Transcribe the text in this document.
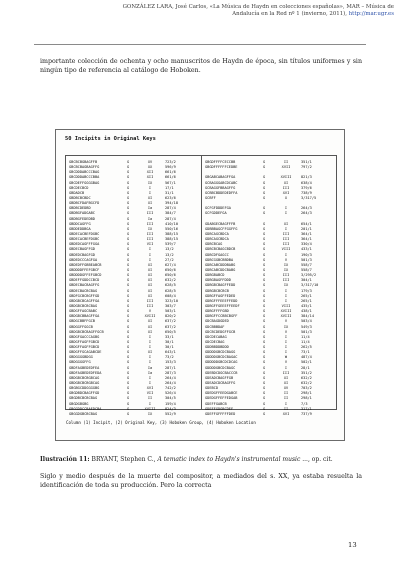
GONZÁLEZ LARA, José Carlos, «La Música de Haydn en colecciones españolas», MAR – Música de
Andalucía en la Red nº 1 (invierno, 2011), http://mar.ugr.es

importante colección de ochenta y ocho manuscritos de Haydn de época, sin títulos uniformes y sin ningún tipo de referencia al catálogo de Hoboken.

50 Incipits in Original Keys
GBCBCBGBAGFFB	G	XV	723/2
GBCBCBAGBAGFFG	G	XX	596/9
GBCDDDABCCCBAG	G	XII	661/6
GBCDDDABCCCBBA	G	XII	661/6
GBCDEFFGGGGBAG	G	IX	567/1
GBCDECBCD	G	I	17/1
GBDADCB	G	I	31/1
GBDBCBCBDC	G	XI	623/6
GBDBCFDAFBGCFD	G	XI	394/18
GBDBCDEDBD	G	Ia	287/4
GBDBGFADGABC	G	III	384/7
GBDBGFEDEDBD	G	Ia	287/4
GBDDCAGFFG	G	III	410/10
GBDDEDDBGA	G	IX	550/16
GBDECACBEFDGBC	G	III	388/15
GBDECACBEFDGBC	G	III	388/15
GBDEDCAGFFFGGA	G	VII	539/7
GBDECBAGFFGD	G	I	13/2
GBDEDCBAGFGD	G	I	13/2
GBDEDCCCAGFGA	G	I	27/2
GBDEDFFGBBEABCB	G	XI	627/4
GBDDDDFFEFGBCF	G	XI	650/6
GBDDDDGFFEFGBCD	G	XI	650/6
GBDEFFGDDCCBCD	G	XI	632/2
GBDECBACBAGFFG	G	XI	628/5
GBDECBACBCBAG	G	XI	628/5
GBDFGCBCBGFFGD	G	XI	608/4
GBDGBCBCAGFFGA	G	III	323/10
GBDGBCBCBCBAG	G	III	303/7
GBDGFFAGCBABC	G	V	503/1
GBDGBCBBAGFFGA	G	XVIII	820/2
GBDGCBBFFGCB	G	XI	637/2
GBDGGFFGGCB	G	XI	637/2
GBDGBCBCBAGFFGCB	G	XI	650/5
GBDGFGACCCAGBG	G	I	33/1
GBDGFFAGFFGBCD	G	I	30/1
GBDGFFAGFFGBCD	G	I	30/1
GBDGFFGCAGABCDE	G	XI	643/1
GBDGGGGBDGG	G	I	73/2
GBDGGGGFFG	G	I	153/3
GBDFAGBEDEDFEA	G	Ia	287/1
GBDFAGBEDEDFEDA	G	Ia	287/3
GBDGBCBCBGBCAG	G	I	264/4
GBDGBCBCBGBCAG	G	I	264/4
GBGBGCDDGGGGBG	G	XVI	742/2
GBGDBDCBAGFFGD	G	VII	526/4
GBGDBCBCBCBAG	G	II	304/5
GBGDGBGBG	G	I	159/4
GBGGDDCCBAEDCBA	G	XVIII	824/3
GBGGDGBCBCBAG	G	IX	552/9
GBGDFFFFCECCBB	G	II	351/1
GBGDFFFFFFCEDBE	G	XVII	797/2
GBGABCABAGFFGA	G	XVIII	821/3
GCBAGGGABCDCABC	G	XI	638/4
GCBAGGFBBAGFFG	G	III	379/6
GCBBCBDDEDEDFFA	G	XVI	738/9
GCBFF	G	X	3/317/5
GCFGFDDDEFGA	G	I	264/3
GCFGDDEFGA	G	I	264/3
GDABGECBAGFFFB	G	XI	654/1
GDBBBAGCFFGGFFG	G	I	201/1
GDBCAGCBDCA	G	III	364/1
GDBCAGCBDCA	G	III	364/1
GDBCBCAG	G	III	330/4
GDBCBCBAGCBDCB	G	VIII	433/1
GDBCDFGAGCC	G	I	190/3
GDBCGGBCBBDBA	G	V	501/3
GDBCABCDDDBABG	G	IX	558/7
GDBCABCDDCBABG	G	IX	558/7
GDBGBABCD	G	III	3/295/2
GDBGBAGFFDDD	G	III	304/1
GDBGBCBAGFFEDD	G	IX	3/317/10
GDBGBCBCBCB	G	I	179/3
GDBGFFAGFFEDED	G	I	265/1
GDBGFFFEEEFFEDD	G	I	265/1
GDBGFFGEEEFFEEDF	G	VIII	435/1
GDBGFFFFGBD	G	XVIII	438/1
GDBGFFCCBBCBGFF	G	XVIII	384/14
GDCBAGDGDED	G	V	503/4
GDCBBBDAF	G	IX	549/3
GDCBCDEDGFFGCB	G	V	501/3
GDCDECABAG	G	I	11/4
GDCDECBAG	G	I	11/4
GDDBBDDBDDD	G	I	262/5
GDDDDGBCDCBAGG	G	I	73/1
GDDDDGBCDCBAGAC	G	W	487/4
GDDDDDGBCDCDCAG	G	V	502/1
GDDDDGBCDCBAGC	G	I	28/1
GDEBDCDGCBACCCB	G	III	351/2
GDEADCBAGFFGB	G	XI	632/2
GDEADCDCBAGFFG	G	XI	632/2
GDEBCD	G	XV	703/2
GDEDGFFEEDGABCE	G	II	298/1
GDEDGFFEFFEDGAB	G	II	298/1
GDEFFGABCB	G	I	7/3
GDEFFGDGBCDEF	G	II	317/1
GDEFFGFFFFFDED	G	XVI	737/9
Column (1) Incipit, (2) Original Key, (3) Hoboken Group, (4) Hoboken Location
Ilustración 11: BRYANT, Stephen C., A tematic index to Haydn's instrumental music ..., op. cit.

Siglo y medio después de la muerte del compositor, a mediados del s. XX, ya estaba resuelta la identificación de toda su producción. Pero la correcta

13
